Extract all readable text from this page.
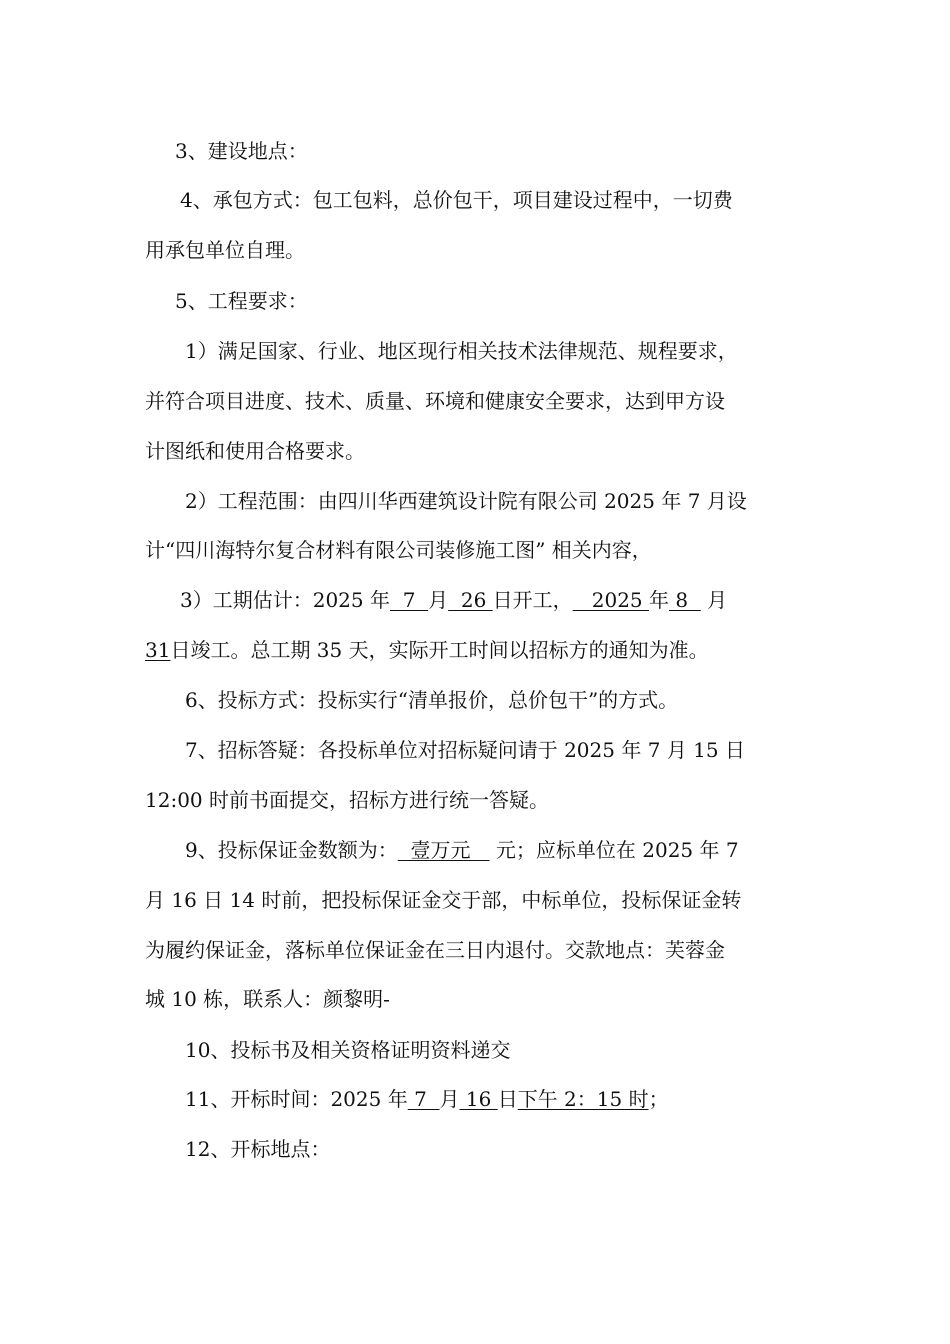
3、建设地点：
4、承包方式：包工包料，总价包干，项目建设过程中，一切费
用承包单位自理。
5、工程要求：
1）满足国家、行业、地区现行相关技术法律规范、规程要求，
并符合项目进度、技术、质量、环境和健康安全要求，达到甲方设
计图纸和使用合格要求。
2）工程范围：由四川华西建筑设计院有限公司 2025 年 7 月设
计“四川海特尔复合材料有限公司装修施工图” 相关内容，
3）工期估计：2025 年  7  月  26 日开工，   2025 年 8   月
31日竣工。总工期 35 天，实际开工时间以招标方的通知为准。
6、投标方式：投标实行“清单报价，总价包干”的方式。
7、招标答疑：各投标单位对招标疑问请于 2025 年 7 月 15 日
12:00 时前书面提交，招标方进行统一答疑。
9、投标保证金数额为：  壹万元    元；应标单位在 2025 年 7
月 16 日 14 时前，把投标保证金交于部，中标单位，投标保证金转
为履约保证金，落标单位保证金在三日内退付。交款地点：芙蓉金
城 10 栋，联系人：颜黎明-
10、投标书及相关资格证明资料递交
11、开标时间：2025 年 7  月 16 日下午 2：15 时；
12、开标地点：
